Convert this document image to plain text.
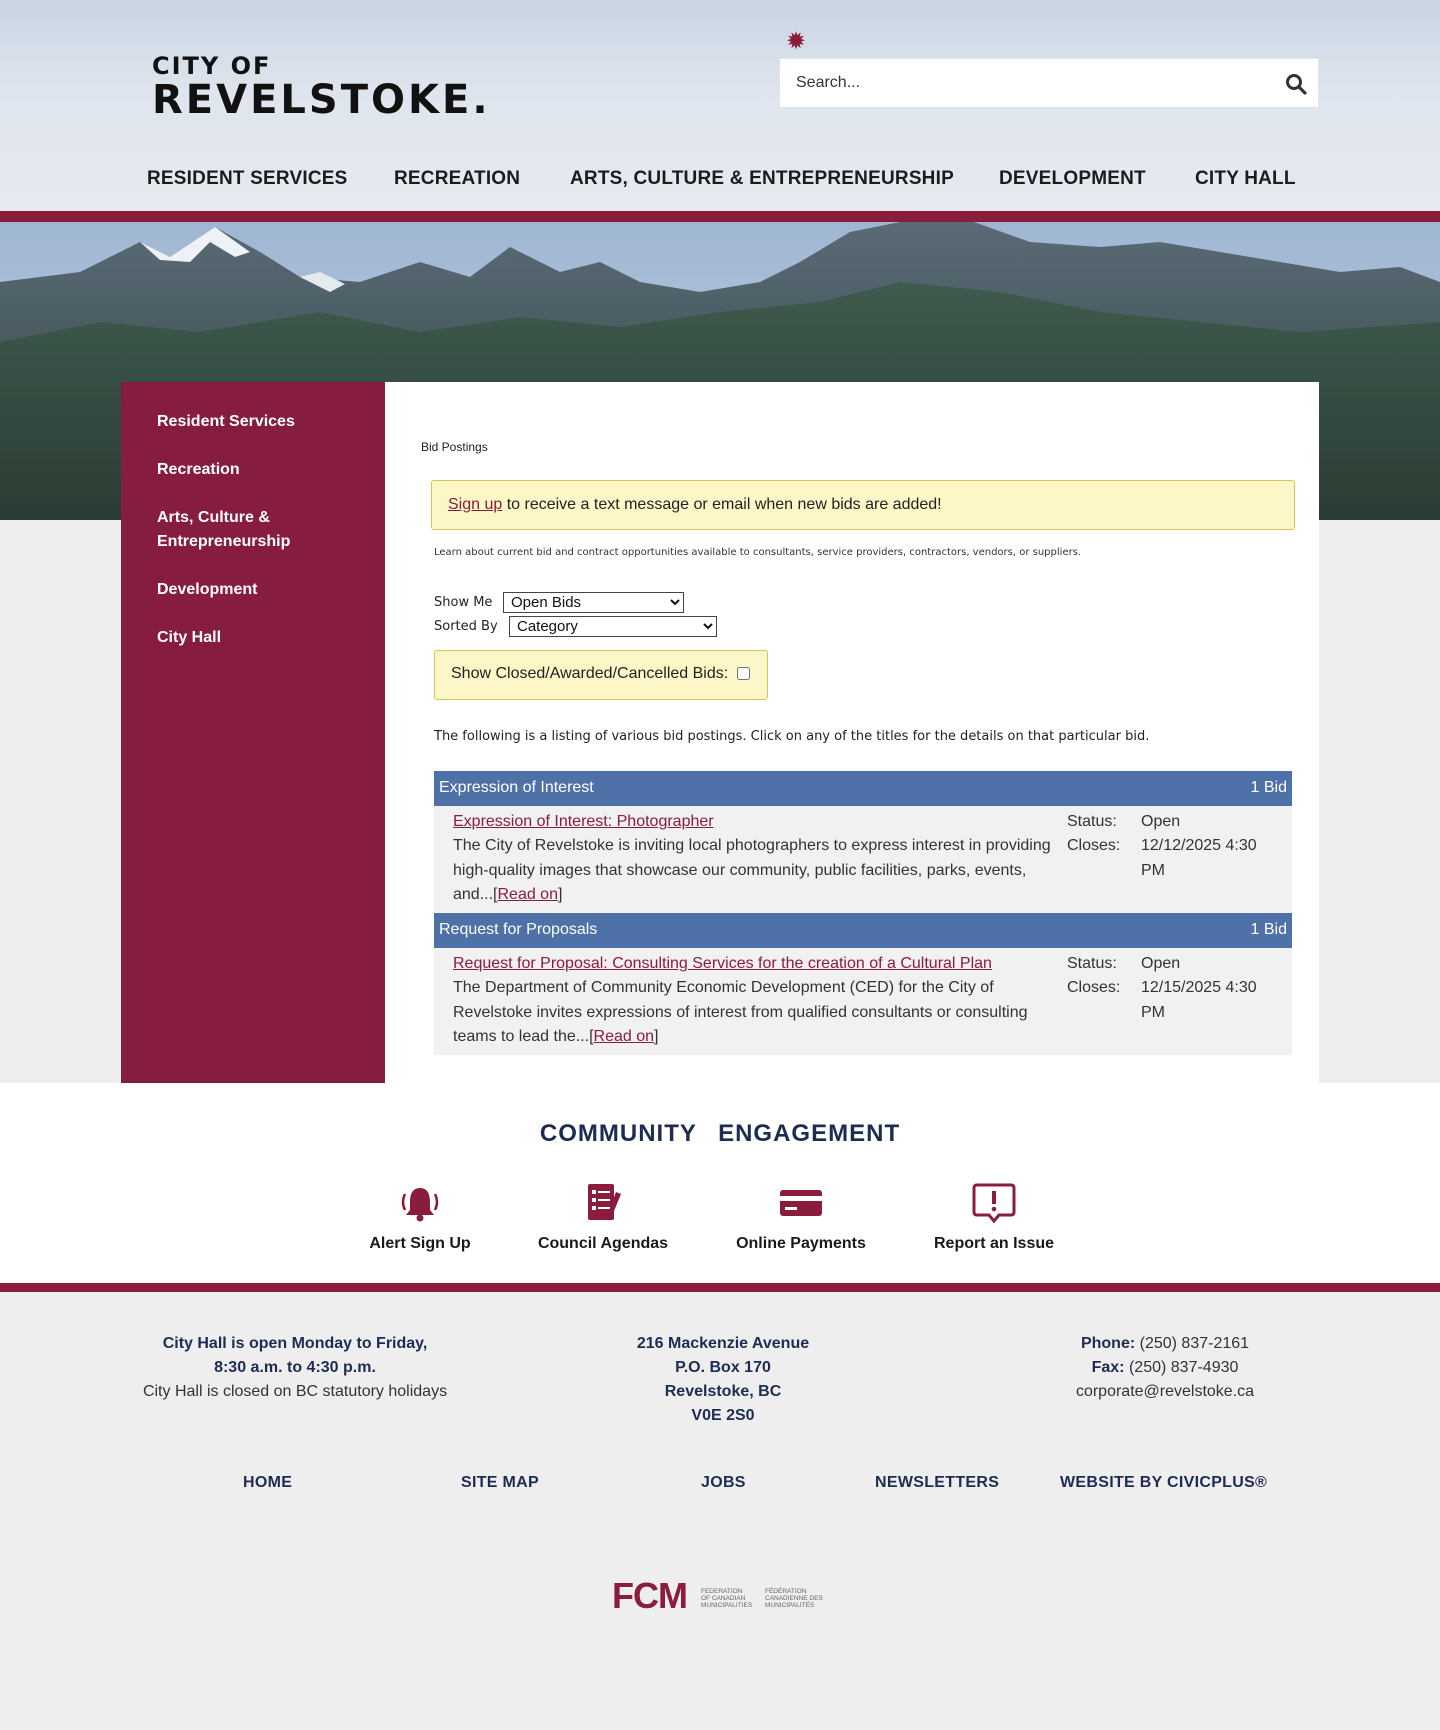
CITY OF
REVELSTOKE.
✹
Search...
RESIDENT SERVICES RECREATION	ARTS, CULTURE & ENTREPRENEURSHIP DEVELOPMENT	CITY HALL
Resident Services
Recreation
Arts, Culture & Entrepreneurship
Development
City Hall
Bid Postings
Sign up to receive a text message or email when new bids are added!
Learn about current bid and contract opportunities available to consultants, service providers, contractors, vendors, or suppliers.
Show Me
Open Bids
Sorted By
Category
Show Closed/Awarded/Cancelled Bids:
The following is a listing of various bid postings. Click on any of the titles for the details on that particular bid.
Expression of Interest	1 Bid
Expression of Interest: Photographer
The City of Revelstoke is inviting local photographers to express interest in providing high-quality images that showcase our community, public facilities, parks, events, and...[Read on]
Status: Open
Closes: 12/12/2025 4:30 PM
Request for Proposals	1 Bid
Request for Proposal: Consulting Services for the creation of a Cultural Plan
The Department of Community Economic Development (CED) for the City of Revelstoke invites expressions of interest from qualified consultants or consulting teams to lead the...[Read on]
Status: Open
Closes: 12/15/2025 4:30 PM
COMMUNITY ENGAGEMENT
Alert Sign Up	Council Agendas	Online Payments	Report an Issue
City Hall is open Monday to Friday,
8:30 a.m. to 4:30 p.m.
City Hall is closed on BC statutory holidays
216 Mackenzie Avenue
P.O. Box 170
Revelstoke, BC
V0E 2S0
Phone: (250) 837-2161
Fax: (250) 837-4930
corporate@revelstoke.ca
HOME	SITE MAP	JOBS	NEWSLETTERS	WEBSITE BY CIVICPLUS®
FCM FEDERATION
OF CANADIAN
MUNICIPALITIES
FÉDÉRATION
CANADIENNE DES
MUNICIPALITÉS
